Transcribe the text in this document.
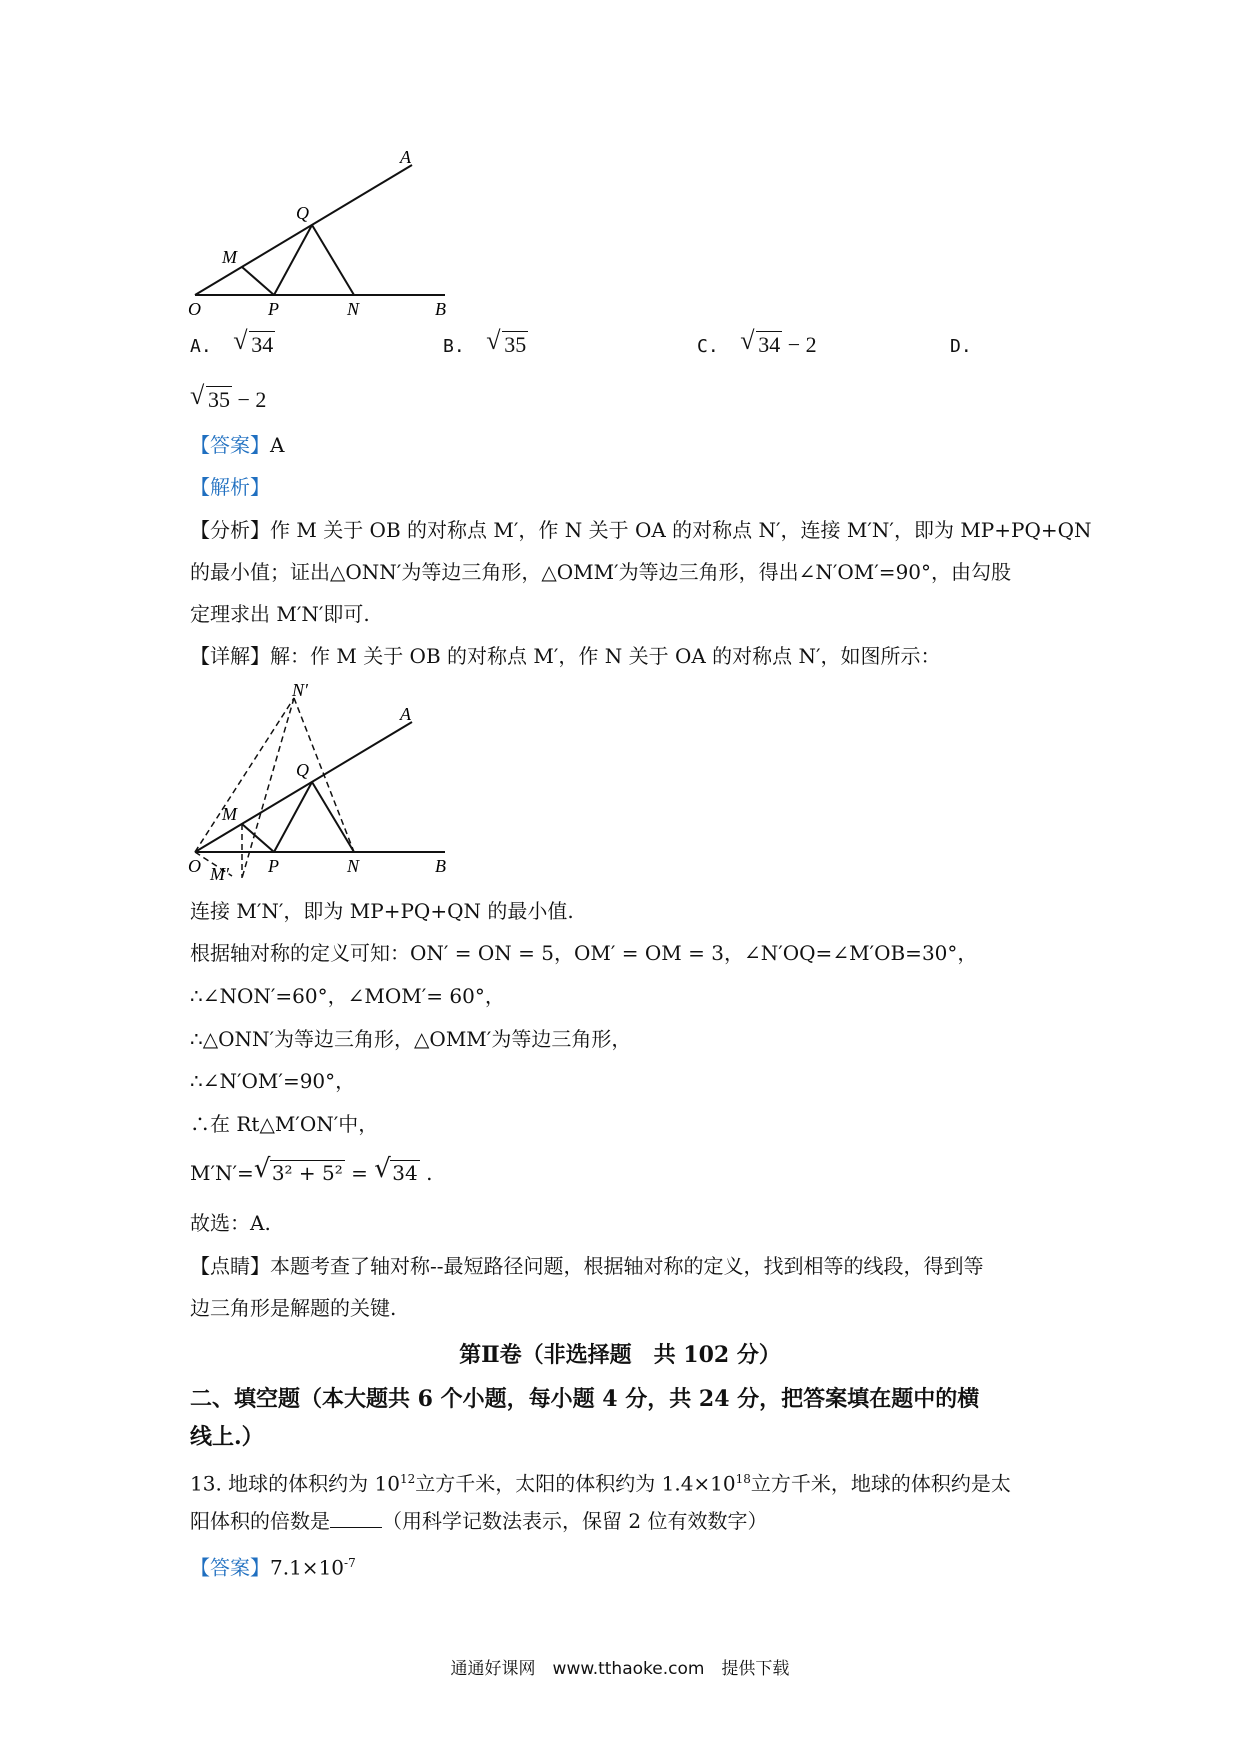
A
Q
M
O	P	N	B
A. √ 34	B. √ 35	C. √ 34 − 2	D.
√ 35 − 2
【答案】A
【解析】
【分析】作 M 关于 OB 的对称点 M′，作 N 关于 OA 的对称点 N′，连接 M′N′，即为 MP+PQ+QN
的最小值；证出△ONN′为等边三角形，△OMM′为等边三角形，得出∠N′OM′=90°，由勾股
定理求出 M′N′即可.
【详解】解：作 M 关于 OB 的对称点 M′，作 N 关于 OA 的对称点 N′，如图所示：
N′
A
Q
M
O	P	N	B
M′
连接 M′N′，即为 MP+PQ+QN 的最小值.
根据轴对称的定义可知：ON′ = ON = 5，OM′ = OM = 3，∠N′OQ=∠M′OB=30°，
∴∠NON′=60°，∠MOM′= 60°，
∴△ONN′为等边三角形，△OMM′为等边三角形，
∴∠N′OM′=90°，
∴在 Rt△M′ON′中，
M′N′= √ 3² + 5² = √ 34 .
故选：A.
【点睛】本题考查了轴对称--最短路径问题，根据轴对称的定义，找到相等的线段，得到等
边三角形是解题的关键.
第Ⅱ卷（非选择题　共 102 分）
二、填空题（本大题共 6 个小题，每小题 4 分，共 24 分，把答案填在题中的横
线上.）
13. 地球的体积约为 $10^{12}$立方千米，太阳的体积约为 $1.4\times 10^{18}$立方千米，地球的体积约是太
阳体积的倍数是	（用科学记数法表示，保留 2 位有效数字）
【答案】$7.1\times 10^{-7}$
通通好课网　www.tthaoke.com　提供下载
